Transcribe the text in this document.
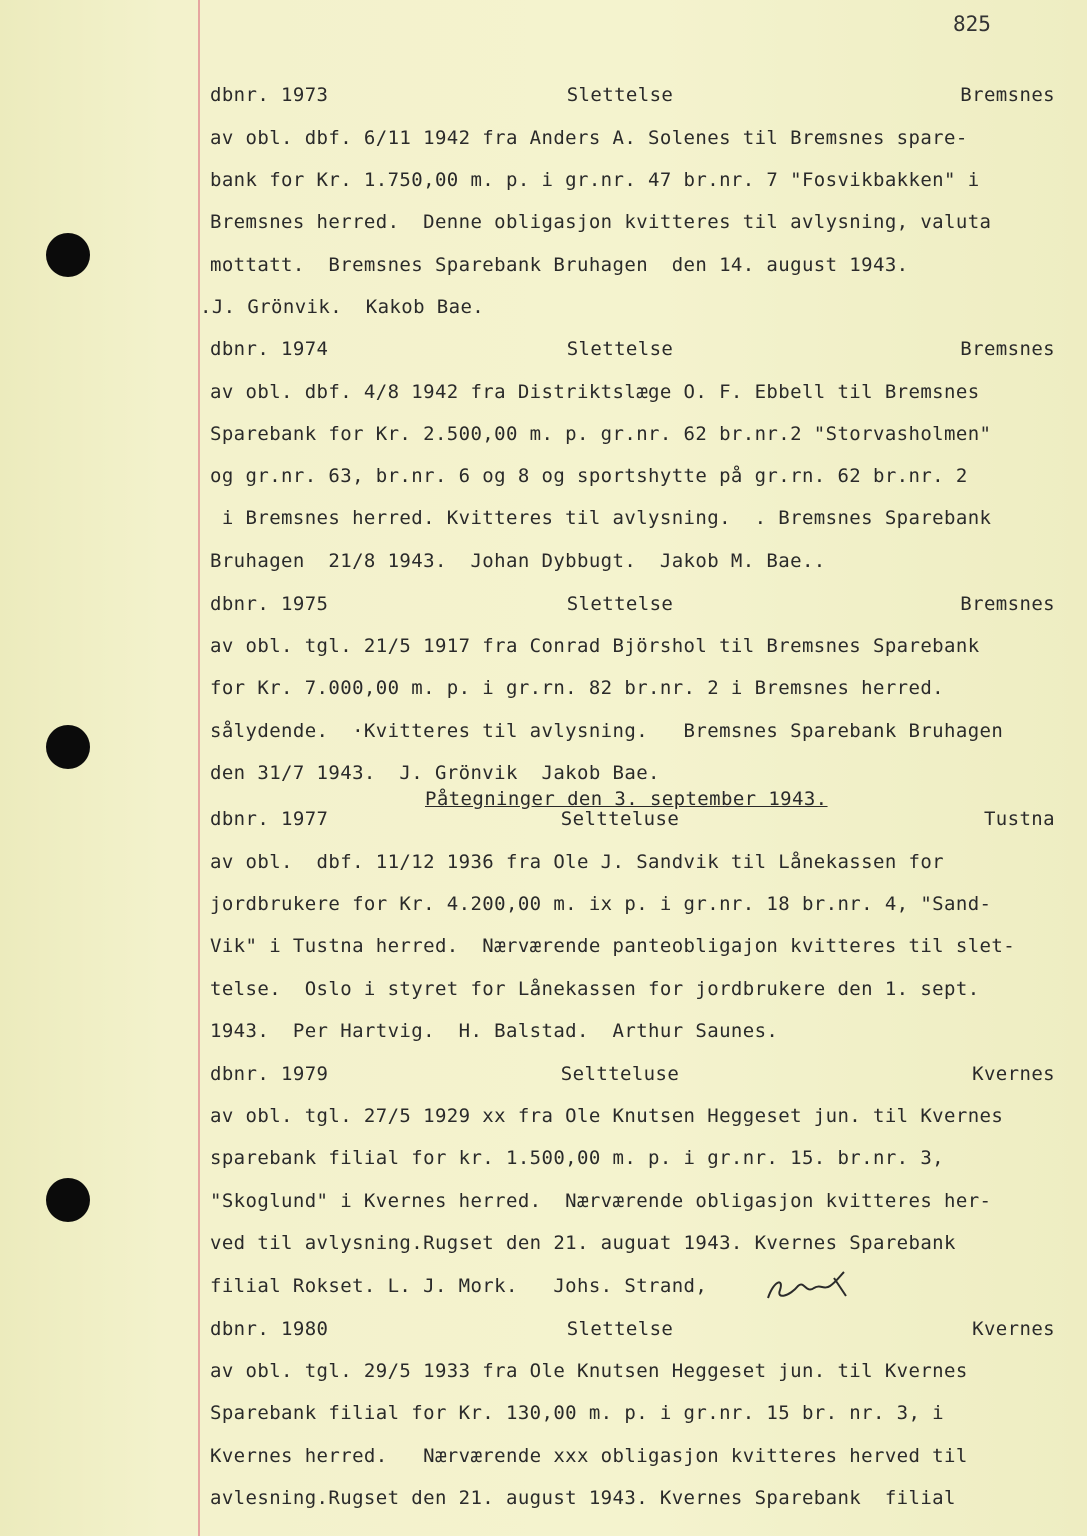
825
dbnr. 1973	Slettelse	Bremsnes
av obl. dbf. 6/11 1942 fra Anders A. Solenes til Bremsnes spare-
bank for Kr. 1.750,00 m. p. i gr.nr. 47 br.nr. 7 "Fosvikbakken" i
Bremsnes herred.  Denne obligasjon kvitteres til avlysning, valuta
mottatt.  Bremsnes Sparebank Bruhagen  den 14. august 1943.
.J. Grönvik.  Kakob Bae.
dbnr. 1974	Slettelse	Bremsnes
av obl. dbf. 4/8 1942 fra Distriktslæge O. F. Ebbell til Bremsnes
Sparebank for Kr. 2.500,00 m. p. gr.nr. 62 br.nr.2 "Storvasholmen"
og gr.nr. 63, br.nr. 6 og 8 og sportshytte på gr.rn. 62 br.nr. 2
i Bremsnes herred. Kvitteres til avlysning.  . Bremsnes Sparebank
Bruhagen  21/8 1943.  Johan Dybbugt.  Jakob M. Bae..
dbnr. 1975	Slettelse	Bremsnes
av obl. tgl. 21/5 1917 fra Conrad Björshol til Bremsnes Sparebank
for Kr. 7.000,00 m. p. i gr.rn. 82 br.nr. 2 i Bremsnes herred.
sålydende.  ·Kvitteres til avlysning.   Bremsnes Sparebank Bruhagen
den 31/7 1943.  J. Grönvik  Jakob Bae.
Påtegninger den 3. september 1943.
dbnr. 1977	Seltteluse	Tustna
av obl.  dbf. 11/12 1936 fra Ole J. Sandvik til Lånekassen for
jordbrukere for Kr. 4.200,00 m. ix p. i gr.nr. 18 br.nr. 4, "Sand-
Vik" i Tustna herred.  Nærværende panteobligajon kvitteres til slet-
telse.  Oslo i styret for Lånekassen for jordbrukere den 1. sept.
1943.  Per Hartvig.  H. Balstad.  Arthur Saunes.
dbnr. 1979	Seltteluse	Kvernes
av obl. tgl. 27/5 1929 xx fra Ole Knutsen Heggeset jun. til Kvernes
sparebank filial for kr. 1.500,00 m. p. i gr.nr. 15. br.nr. 3,
"Skoglund" i Kvernes herred.  Nærværende obligasjon kvitteres her-
ved til avlysning.Rugset den 21. auguat 1943. Kvernes Sparebank
filial Rokset. L. J. Mork.   Johs. Strand,
dbnr. 1980	Slettelse	Kvernes
av obl. tgl. 29/5 1933 fra Ole Knutsen Heggeset jun. til Kvernes
Sparebank filial for Kr. 130,00 m. p. i gr.nr. 15 br. nr. 3, i
Kvernes herred.   Nærværende xxx obligasjon kvitteres herved til
avlesning.Rugset den 21. august 1943. Kvernes Sparebank  filial
